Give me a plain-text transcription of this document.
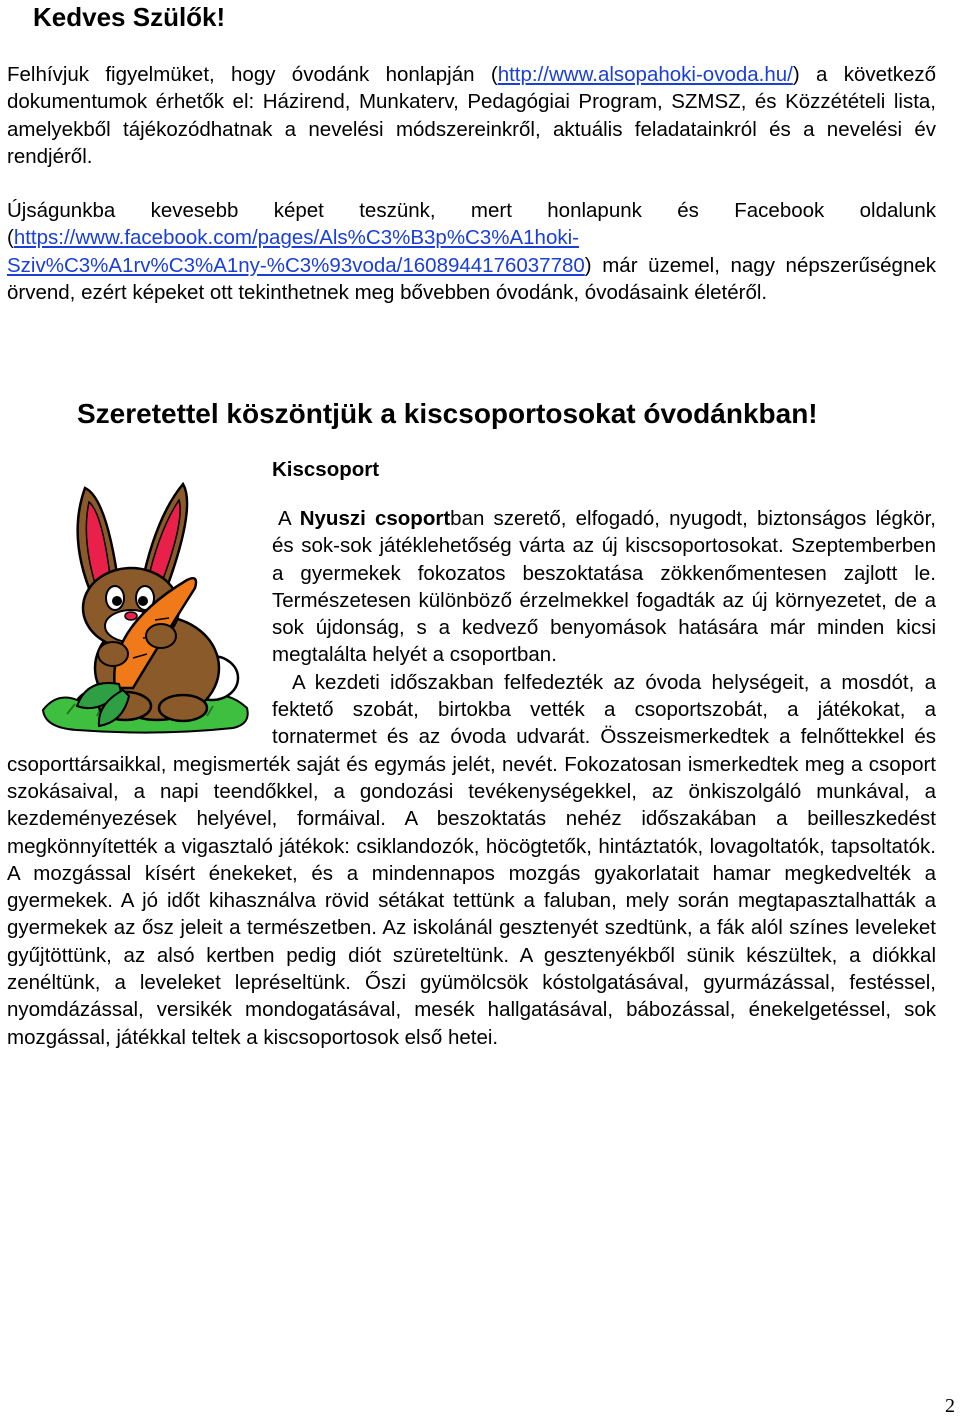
Kedves Szülők!

Felhívjuk figyelmüket, hogy óvodánk honlapján (http://www.alsopahoki-ovoda.hu/) a következő dokumentumok érhetők el: Házirend, Munkaterv, Pedagógiai Program, SZMSZ, és Közzétételi lista, amelyekből tájékozódhatnak a nevelési módszereinkről, aktuális feladatainkról és a nevelési év rendjéről.

Újságunkba kevesebb képet teszünk, mert honlapunk és Facebook oldalunk (https://www.facebook.com/pages/Als%C3%B3p%C3%A1hoki-
Sziv%C3%A1rv%C3%A1ny-%C3%93voda/1608944176037780) már üzemel, nagy népszerűségnek örvend, ezért képeket ott tekinthetnek meg bővebben óvodánk, óvodásaink életéről.

Szeretettel köszöntjük a kiscsoportosokat óvodánkban!
Kiscsoport

A Nyuszi csoportban szerető, elfogadó, nyugodt, biztonságos légkör, és sok-sok játéklehetőség várta az új kiscsoportosokat. Szeptemberben a gyermekek fokozatos beszoktatása zökkenőmentesen zajlott le. Természetesen különböző érzelmekkel fogadták az új környezetet, de a sok újdonság, s a kedvező benyomások hatására már minden kicsi megtalálta helyét a csoportban.

A kezdeti időszakban felfedezték az óvoda helységeit, a mosdót, a fektető szobát, birtokba vették a csoportszobát, a játékokat, a tornatermet és az óvoda udvarát. Összeismerkedtek a felnőttekkel és csoporttársaikkal, megismerték saját és egymás jelét, nevét. Fokozatosan ismerkedtek meg a csoport szokásaival, a napi teendőkkel, a gondozási tevékenységekkel, az önkiszolgáló munkával, a kezdeményezések helyével, formáival. A beszoktatás nehéz időszakában a beilleszkedést megkönnyítették a vigasztaló játékok: csiklandozók, höcögtetők, hintáztatók, lovagoltatók, tapsoltatók. A mozgással kísért énekeket, és a mindennapos mozgás gyakorlatait hamar megkedvelték a gyermekek. A jó időt kihasználva rövid sétákat tettünk a faluban, mely során megtapasztalhatták a gyermekek az ősz jeleit a természetben. Az iskolánál gesztenyét szedtünk, a fák alól színes leveleket gyűjtöttünk, az alsó kertben pedig diót szüreteltünk. A gesztenyékből sünik készültek, a diókkal zenéltünk, a leveleket lepréseltünk. Őszi gyümölcsök kóstolgatásával, gyurmázással, festéssel, nyomdázással, versikék mondogatásával, mesék hallgatásával, bábozással, énekelgetéssel, sok mozgással, játékkal teltek a kiscsoportosok első hetei.

2
